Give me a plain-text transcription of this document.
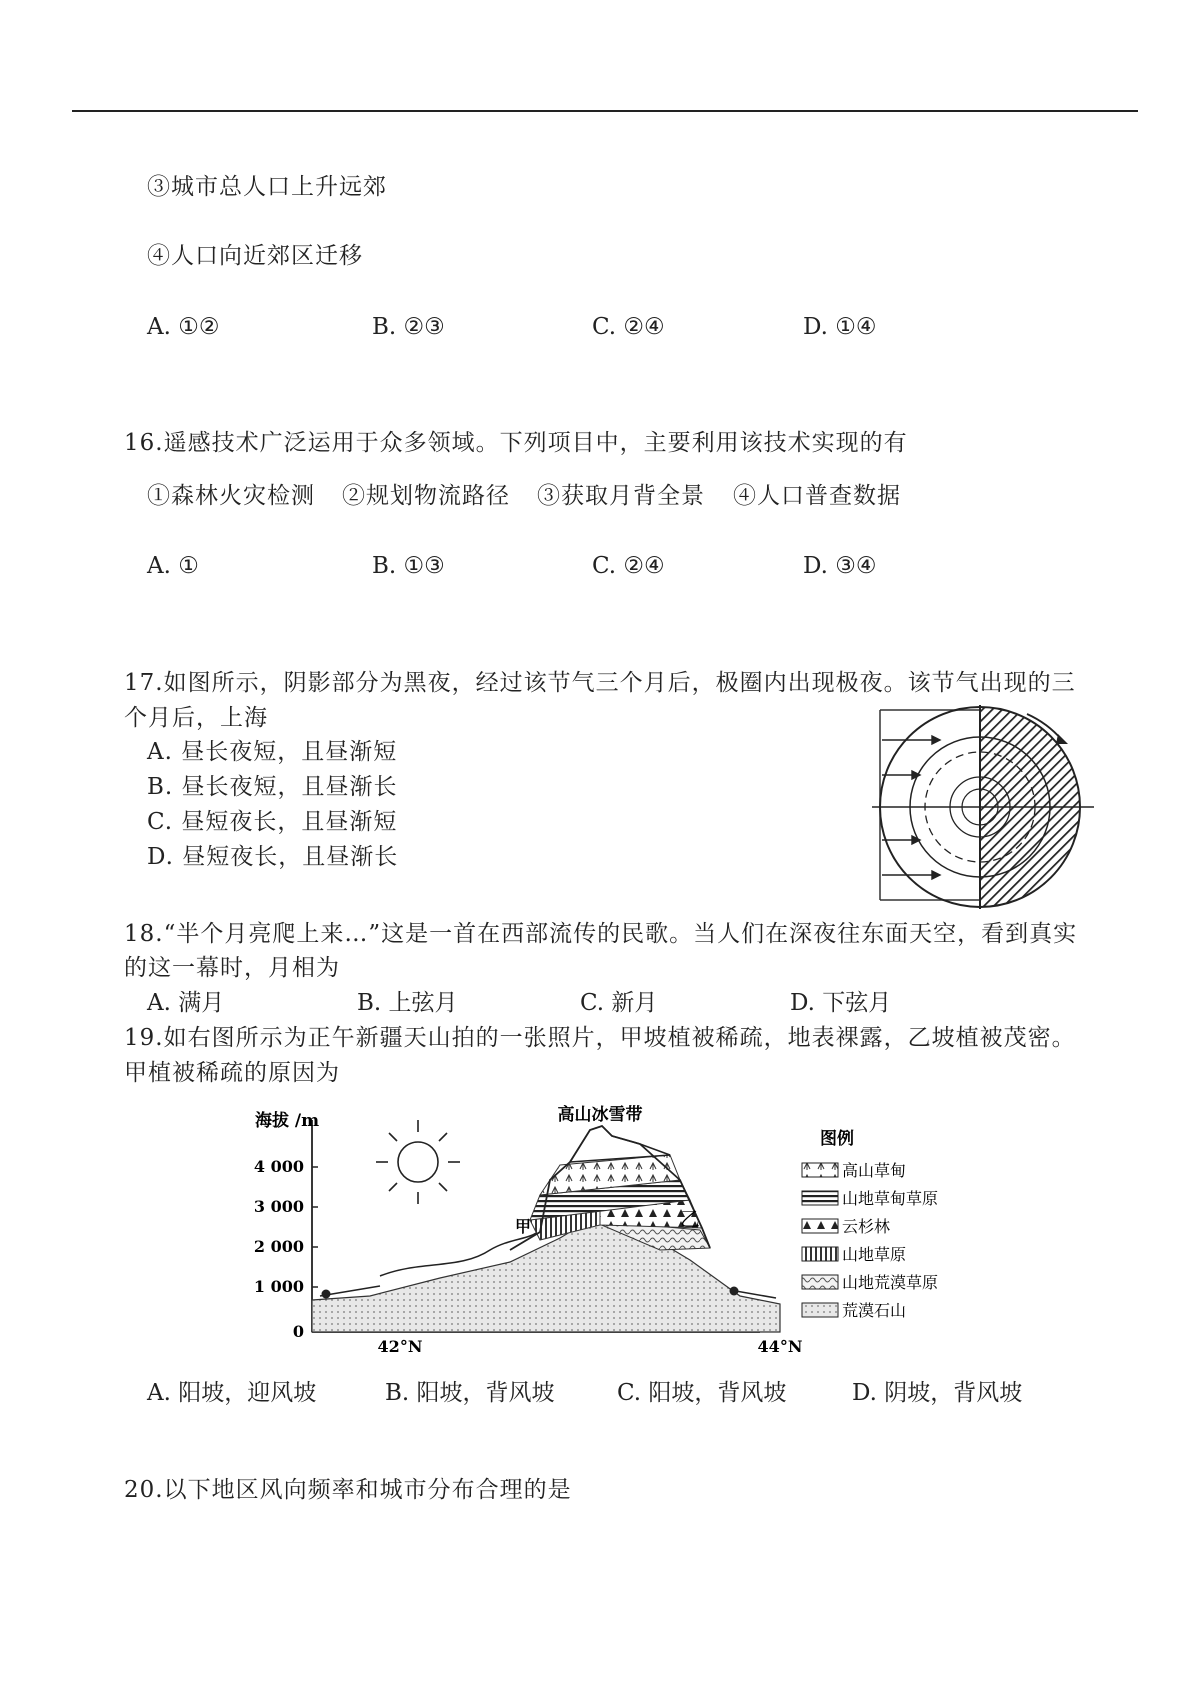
③城市总人口上升远郊
④人口向近郊区迁移
A. ①②	B. ②③	C. ②④	D. ①④
16.遥感技术广泛运用于众多领域。下列项目中，主要利用该技术实现的有
①森林火灾检测 ②规划物流路径 ③获取月背全景 ④人口普查数据
A. ①	B. ①③	C. ②④	D. ③④
17.如图所示，阴影部分为黑夜，经过该节气三个月后，极圈内出现极夜。该节气出现的三
个月后，上海
A. 昼长夜短，且昼渐短
B. 昼长夜短，且昼渐长
C. 昼短夜长，且昼渐短
D. 昼短夜长，且昼渐长
18.“半个月亮爬上来…”这是一首在西部流传的民歌。当人们在深夜往东面天空，看到真实
的这一幕时，月相为
A. 满月	B. 上弦月	C. 新月	D. 下弦月
19.如右图所示为正午新疆天山拍的一张照片，甲坡植被稀疏，地表裸露，乙坡植被茂密。
甲植被稀疏的原因为
海拔 /m
4 000
3 000
2 000
1 000
0
42°N	44°N
高山冰雪带
甲	乙
图例
高山草甸
山地草甸草原
云杉林
山地草原
山地荒漠草原
荒漠石山
A. 阳坡，迎风坡	B. 阳坡，背风坡	C. 阳坡，背风坡	D. 阴坡，背风坡
20.以下地区风向频率和城市分布合理的是
